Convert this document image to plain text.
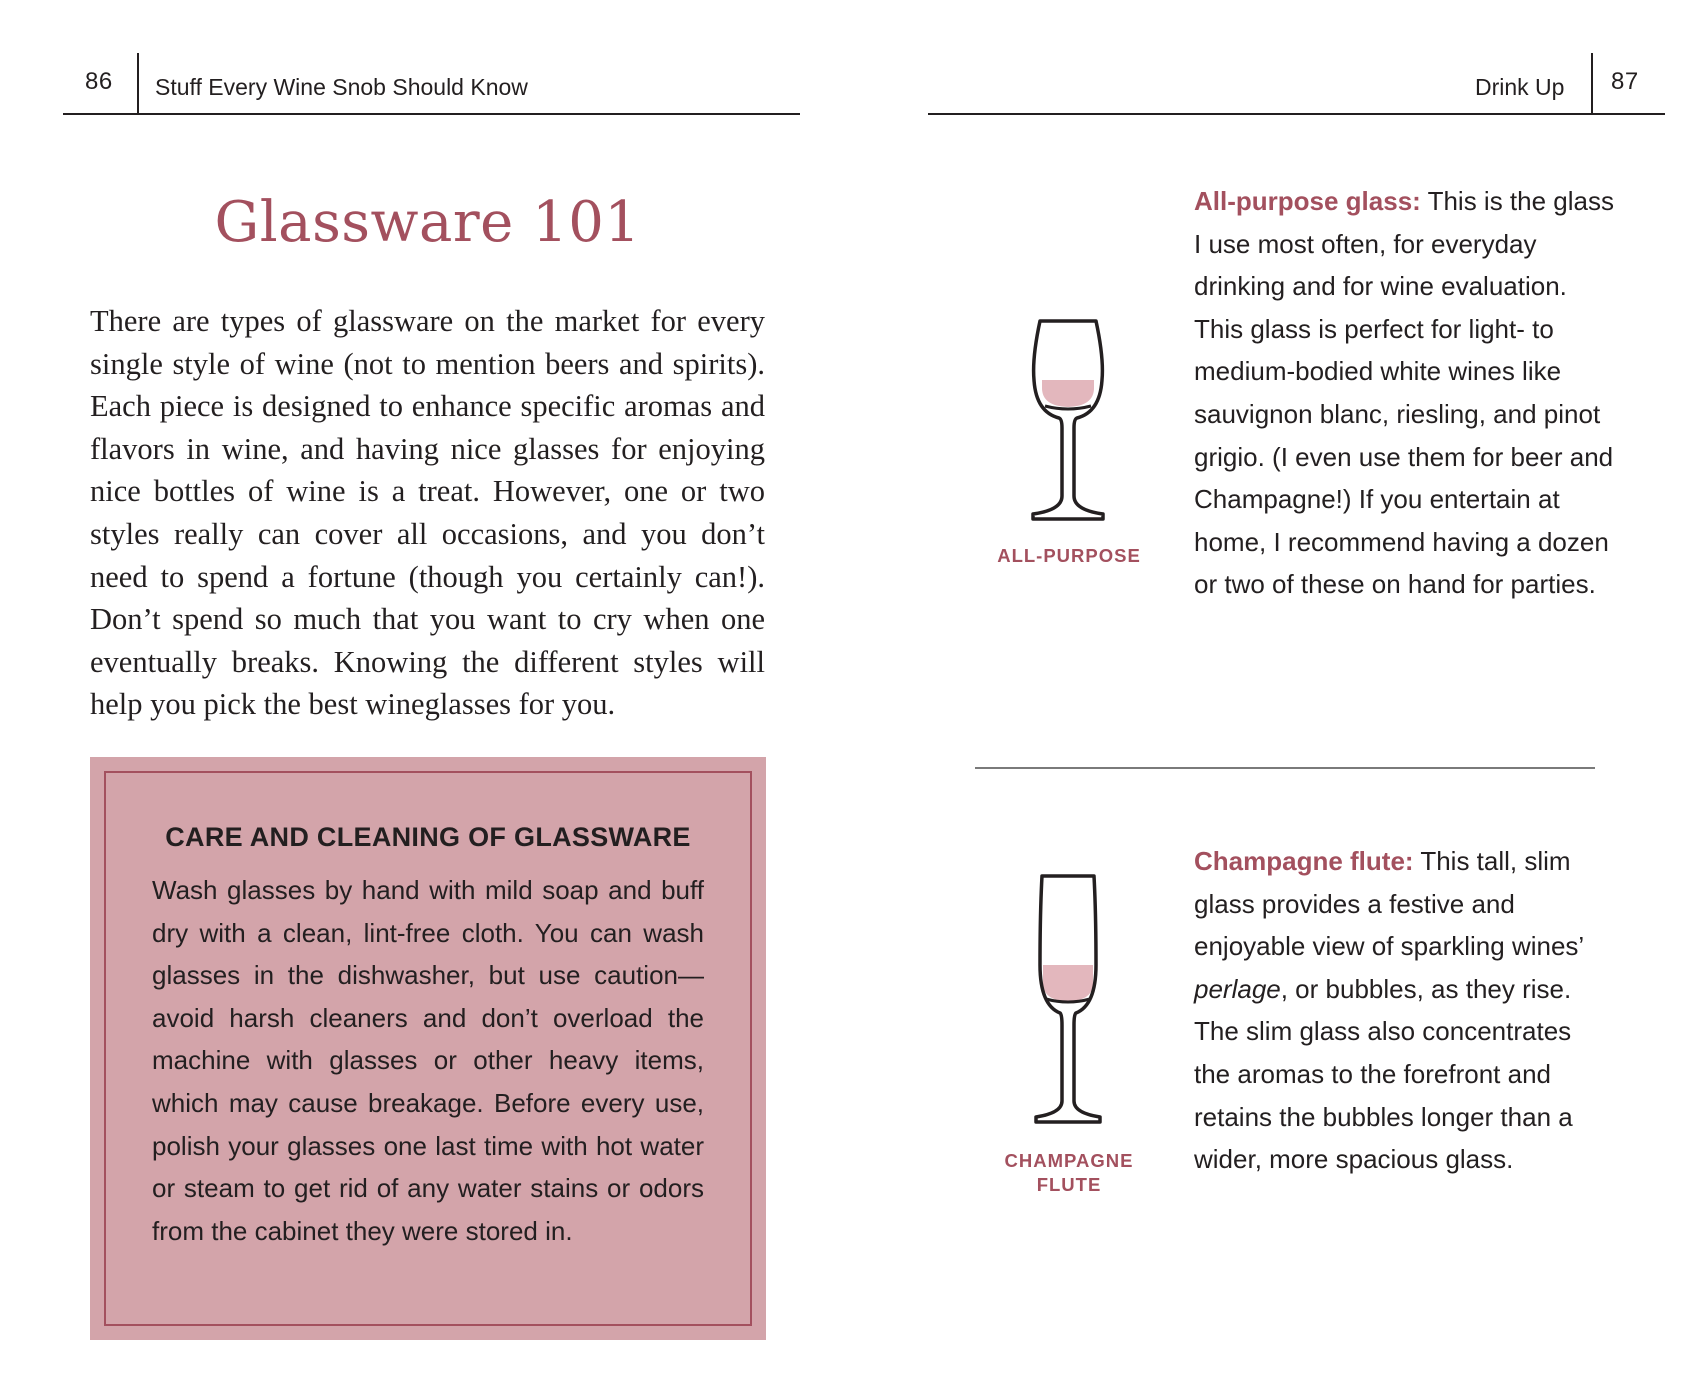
86 Stuff Every Wine Snob Should Know
Glassware 101

There are types of glassware on the market for every single style of wine (not to mention beers and spirits). Each piece is designed to enhance specific aromas and flavors in wine, and having nice glasses for enjoying nice bottles of wine is a treat. However, one or two styles really can cover all occasions, and you don’t need to spend a fortune (though you certainly can!). Don’t spend so much that you want to cry when one eventually breaks. Knowing the different styles will help you pick the best wineglasses for you.

CARE AND CLEANING OF GLASSWARE

Wash glasses by hand with mild soap and buff dry with a clean, lint-free cloth. You can wash glasses in the dishwasher, but use caution—avoid harsh cleaners and don’t overload the machine with glasses or other heavy items, which may cause breakage. Before every use, polish your glasses one last time with hot water or steam to get rid of any water stains or odors from the cabinet they were stored in.

Drink Up 87
ALL-PURPOSE

All-purpose glass: This is the glass I use most often, for everyday drinking and for wine evaluation. This glass is perfect for light- to medium-bodied white wines like sauvignon blanc, riesling, and pinot grigio. (I even use them for beer and Champagne!) If you entertain at home, I recommend having a dozen or two of these on hand for parties.

CHAMPAGNE
FLUTE

Champagne flute: This tall, slim glass provides a festive and enjoyable view of sparkling wines’ perlage, or bubbles, as they rise. The slim glass also concentrates the aromas to the forefront and retains the bubbles longer than a wider, more spacious glass.
